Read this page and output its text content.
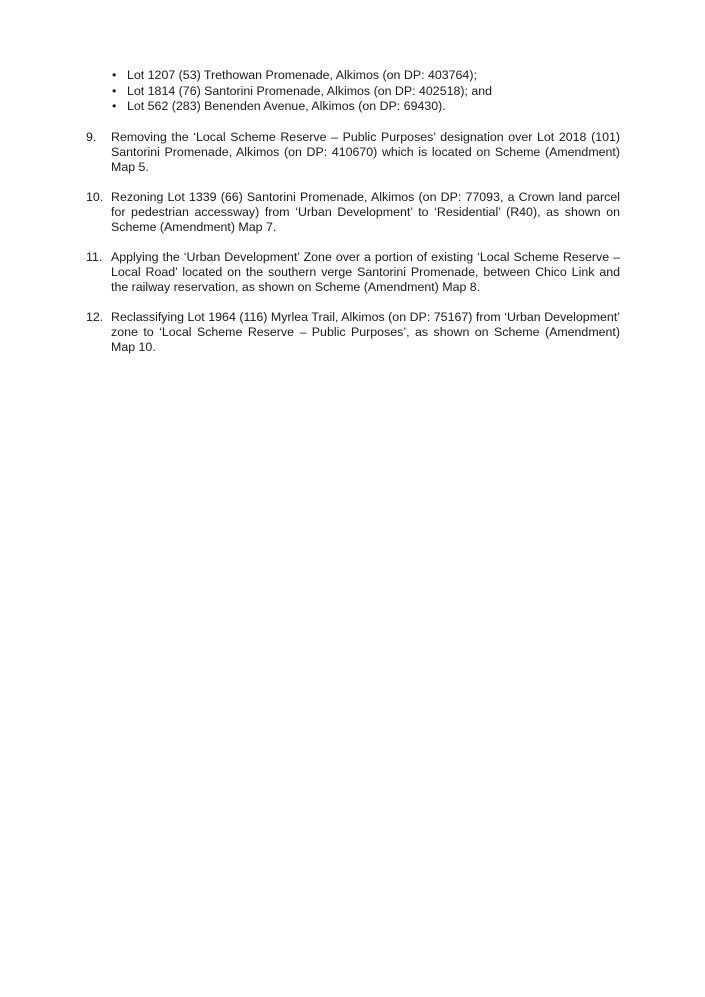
• Lot 1207 (53) Trethowan Promenade, Alkimos (on DP: 403764);
• Lot 1814 (76) Santorini Promenade, Alkimos (on DP: 402518); and
• Lot 562 (283) Benenden Avenue, Alkimos (on DP: 69430).
9. Removing the ‘Local Scheme Reserve – Public Purposes’ designation over Lot 2018 (101) Santorini Promenade, Alkimos (on DP: 410670) which is located on Scheme (Amendment) Map 5.
10. Rezoning Lot 1339 (66) Santorini Promenade, Alkimos (on DP: 77093, a Crown land parcel for pedestrian accessway) from ‘Urban Development’ to ‘Residential’ (R40), as shown on Scheme (Amendment) Map 7.
11. Applying the ‘Urban Development’ Zone over a portion of existing ‘Local Scheme Reserve – Local Road’ located on the southern verge Santorini Promenade, between Chico Link and the railway reservation, as shown on Scheme (Amendment) Map 8.
12. Reclassifying Lot 1964 (116) Myrlea Trail, Alkimos (on DP: 75167) from ‘Urban Development’ zone to ‘Local Scheme Reserve – Public Purposes’, as shown on Scheme (Amendment) Map 10.
